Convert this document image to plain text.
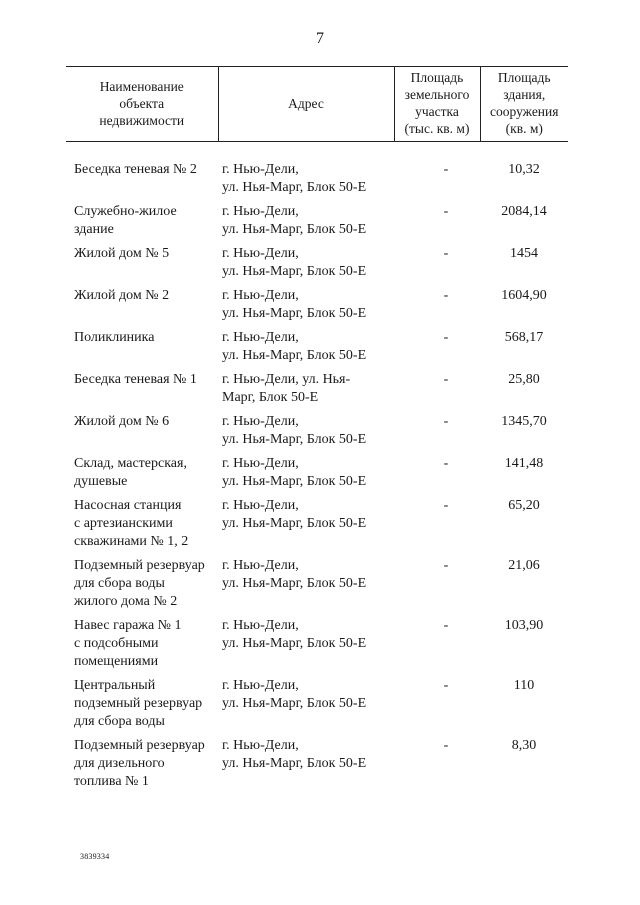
7
Наименование
объекта
недвижимости	Адрес	Площадь
земельного
участка
(тыс. кв. м)	Площадь
здания,
сооружения
(кв. м)

Беседка теневая № 2	г. Нью-Дели,
ул. Нья-Марг, Блок 50-Е	-	10,32

Служебно-жилое
здание	г. Нью-Дели,
ул. Нья-Марг, Блок 50-Е	-	2084,14

Жилой дом № 5	г. Нью-Дели,
ул. Нья-Марг, Блок 50-Е	-	1454

Жилой дом № 2	г. Нью-Дели,
ул. Нья-Марг, Блок 50-Е	-	1604,90

Поликлиника	г. Нью-Дели,
ул. Нья-Марг, Блок 50-Е	-	568,17

Беседка теневая № 1	г. Нью-Дели, ул. Нья-
Марг, Блок 50-Е	-	25,80

Жилой дом № 6	г. Нью-Дели,
ул. Нья-Марг, Блок 50-Е	-	1345,70

Склад, мастерская,
душевые	г. Нью-Дели,
ул. Нья-Марг, Блок 50-Е	-	141,48

Насосная станция
с артезианскими
скважинами № 1, 2	г. Нью-Дели,
ул. Нья-Марг, Блок 50-Е	-	65,20

Подземный резервуар
для сбора воды
жилого дома № 2	г. Нью-Дели,
ул. Нья-Марг, Блок 50-Е	-	21,06

Навес гаража № 1
с подсобными
помещениями	г. Нью-Дели,
ул. Нья-Марг, Блок 50-Е	-	103,90

Центральный
подземный резервуар
для сбора воды	г. Нью-Дели,
ул. Нья-Марг, Блок 50-Е	-	110

Подземный резервуар
для дизельного
топлива № 1	г. Нью-Дели,
ул. Нья-Марг, Блок 50-Е	-	8,30
3839334
